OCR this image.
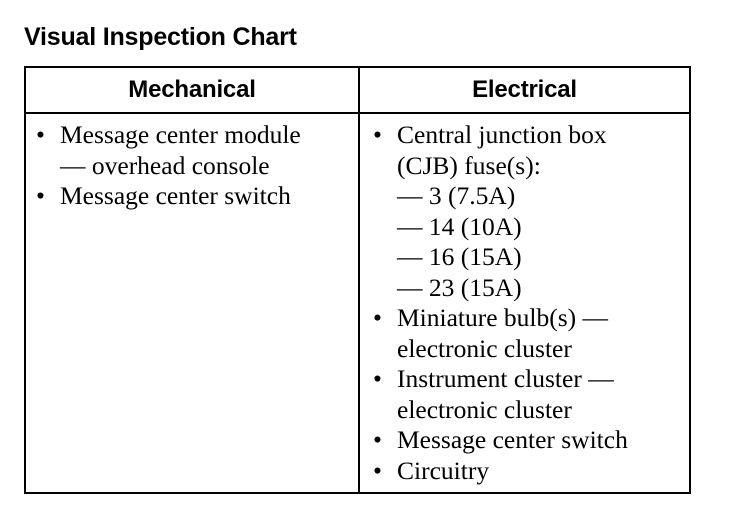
Visual Inspection Chart
Mechanical	Electrical
• Message center module
— overhead console
• Message center switch
• Central junction box
(CJB) fuse(s):
— 3 (7.5A)
— 14 (10A)
— 16 (15A)
— 23 (15A)
• Miniature bulb(s) —
electronic cluster
• Instrument cluster —
electronic cluster
• Message center switch
• Circuitry
